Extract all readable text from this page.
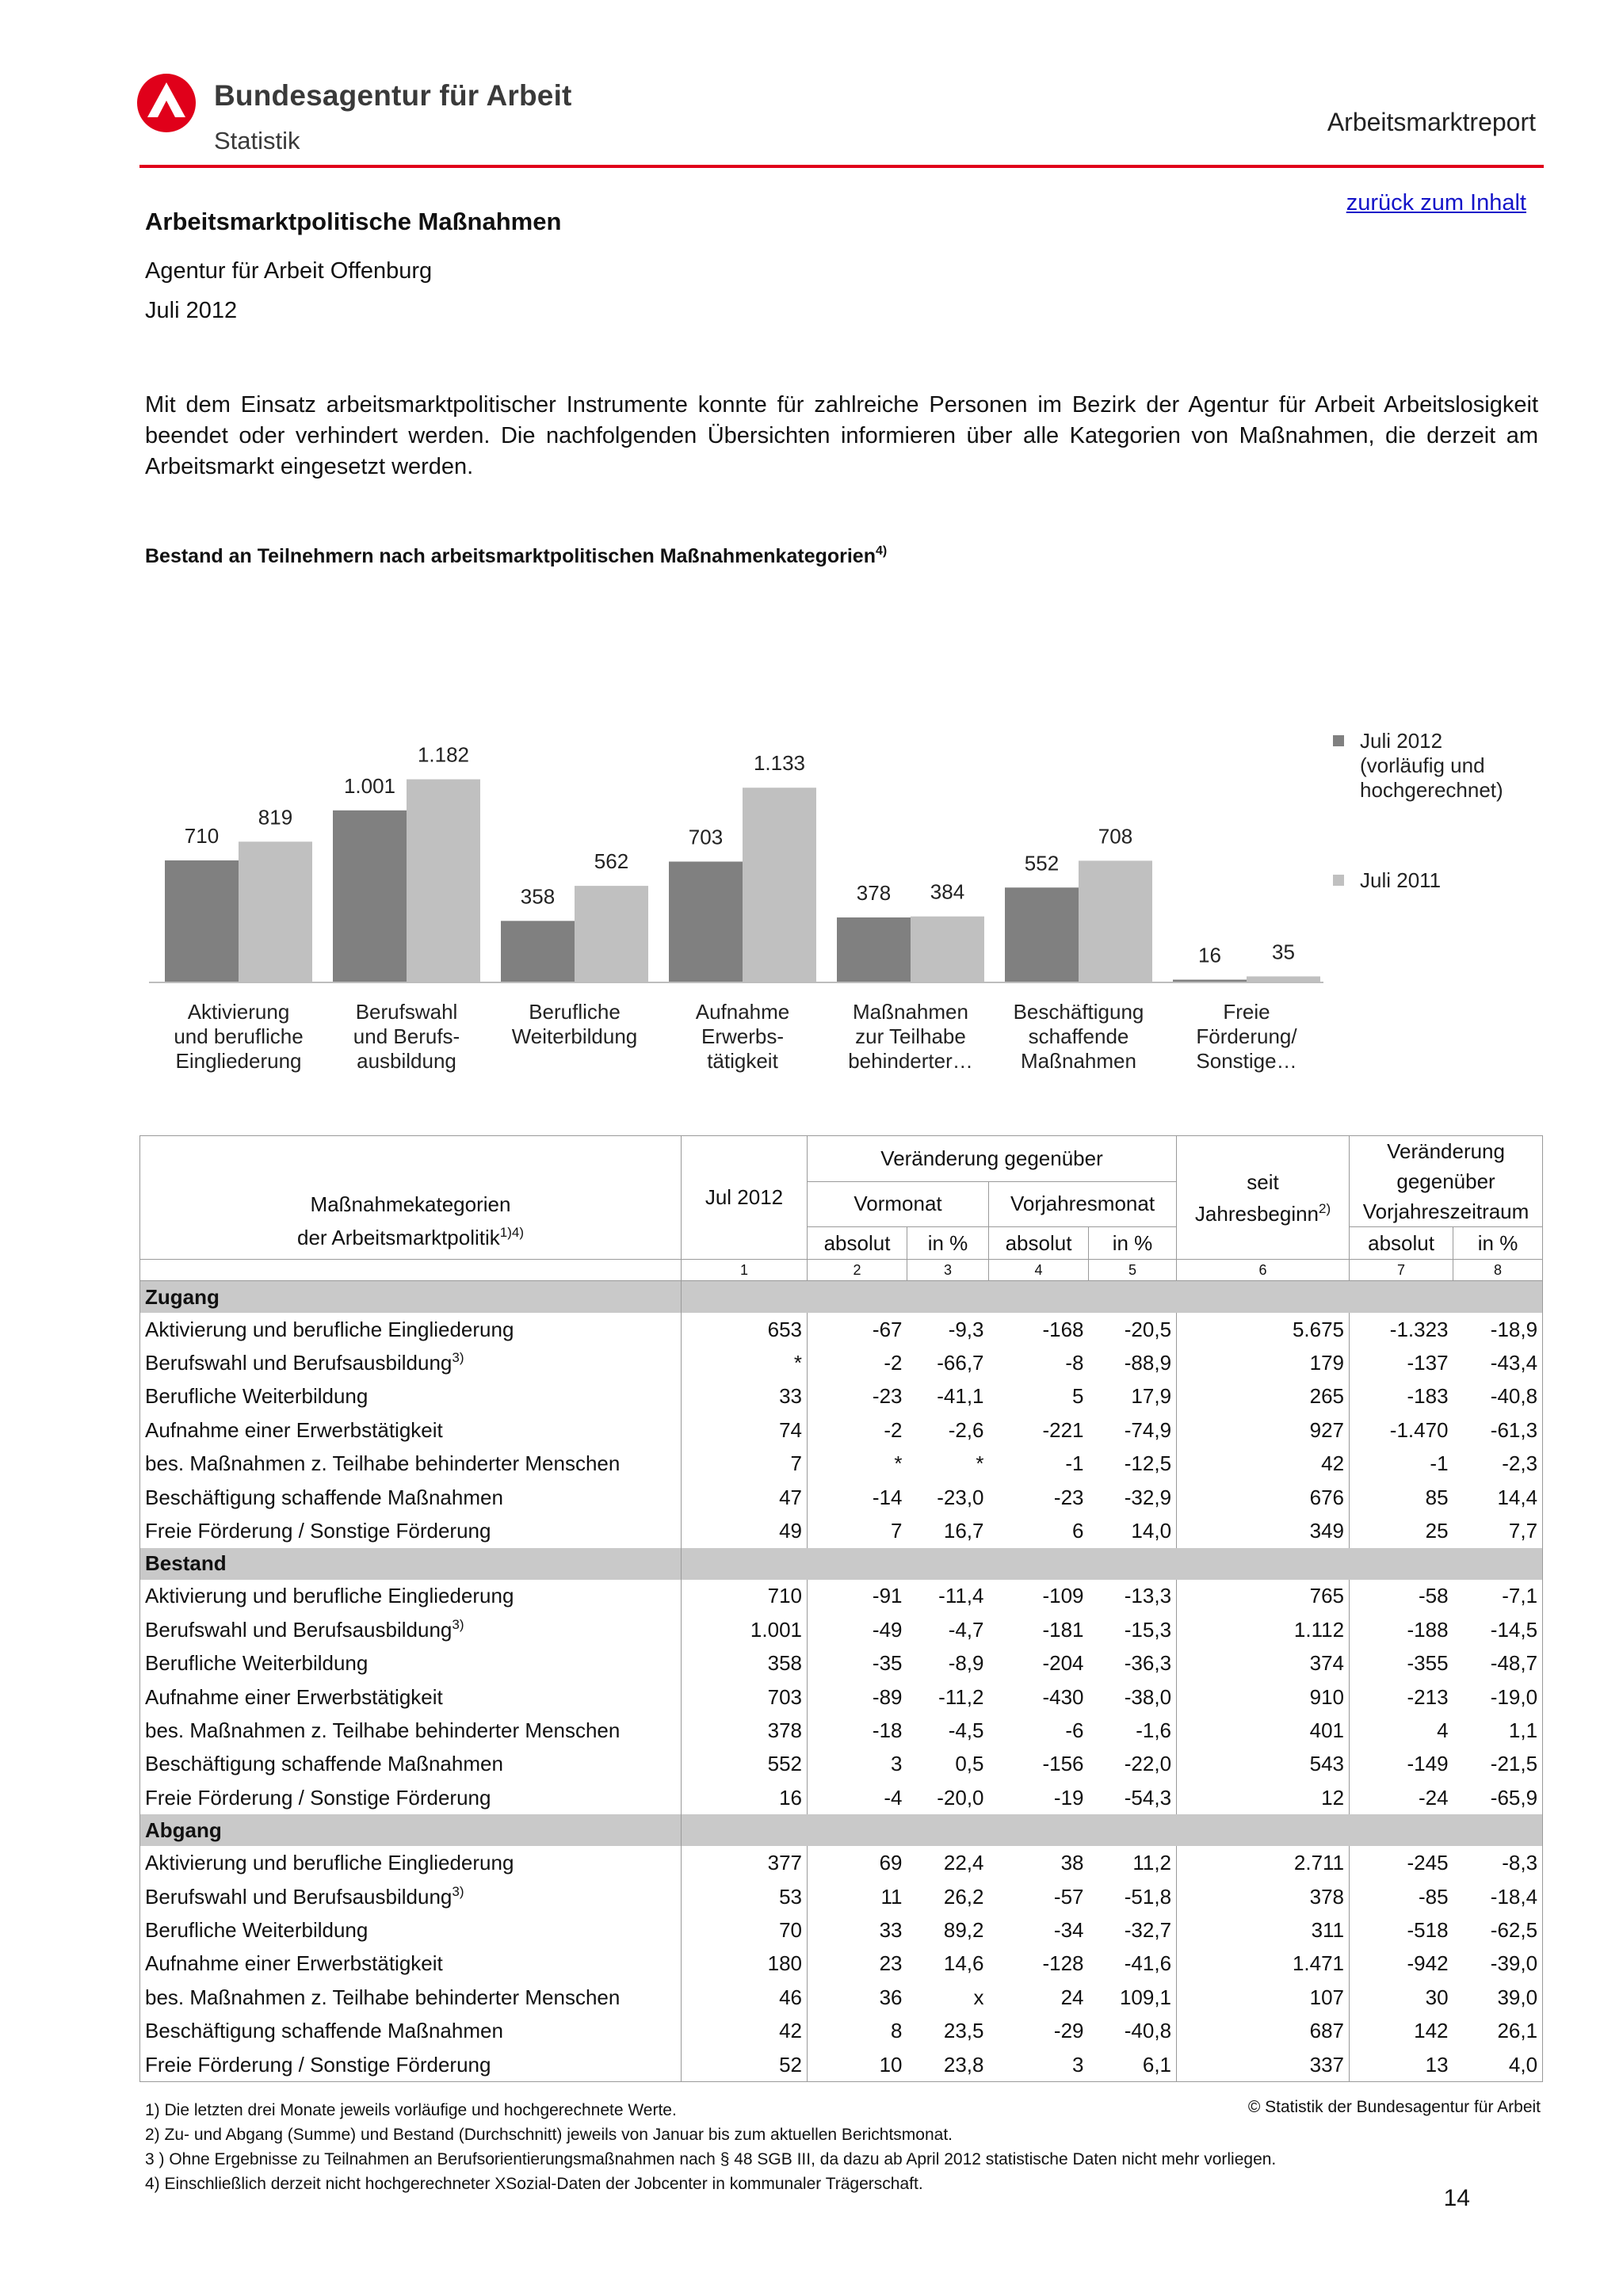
Bundesagentur für Arbeit
Statistik
Arbeitsmarktreport
zurück zum Inhalt
Arbeitsmarktpolitische Maßnahmen
Agentur für Arbeit Offenburg
Juli 2012
Mit dem Einsatz arbeitsmarktpolitischer Instrumente konnte für zahlreiche Personen im Bezirk der Agentur für Arbeit Arbeitslosigkeit beendet oder verhindert werden. Die nachfolgenden Übersichten informieren über alle Kategorien von Maßnahmen, die derzeit am Arbeitsmarkt eingesetzt werden.
Bestand an Teilnehmern nach arbeitsmarktpolitischen Maßnahmenkategorien$^{4)}$
710
819
Aktivierung
und berufliche
Eingliederung
1.001
1.182
Berufswahl
und Berufs-
ausbildung
358
562
Berufliche
Weiterbildung
703
1.133
Aufnahme
Erwerbs-
tätigkeit
378 384
Maßnahmen
zur Teilhabe
behinderter…
552
708
Beschäftigung
schaffende
Maßnahmen
16 35
Freie
Förderung/
Sonstige…
Juli 2012
(vorläufig und
hochgerechnet)
Juli 2011
Maßnahmekategorien
der Arbeitsmarktpolitik$^{1)4)}$	Jul 2012	Veränderung gegenüber				seit
Jahresbeginn$^{2)}$	Veränderung
gegenüber
Vorjahreszeitraum	
		Vormonat		Vorjahresmonat				
		absolut	in %	absolut	in %		absolut	in %
	1	2	3	4	5	6	7	8
Zugang								
Aktivierung und berufliche Eingliederung	653	-67	-9,3	-168	-20,5	5.675	-1.323	-18,9
Berufswahl und Berufsausbildung$^{3)}$	*	-2	-66,7	-8	-88,9	179	-137	-43,4
Berufliche Weiterbildung	33	-23	-41,1	5	17,9	265	-183	-40,8
Aufnahme einer Erwerbstätigkeit	74	-2	-2,6	-221	-74,9	927	-1.470	-61,3
bes. Maßnahmen z. Teilhabe behinderter Menschen	7	*	*	-1	-12,5	42	-1	-2,3
Beschäftigung schaffende Maßnahmen	47	-14	-23,0	-23	-32,9	676	85	14,4
Freie Förderung / Sonstige Förderung	49	7	16,7	6	14,0	349	25	7,7
Bestand								
Aktivierung und berufliche Eingliederung	710	-91	-11,4	-109	-13,3	765	-58	-7,1
Berufswahl und Berufsausbildung$^{3)}$	1.001	-49	-4,7	-181	-15,3	1.112	-188	-14,5
Berufliche Weiterbildung	358	-35	-8,9	-204	-36,3	374	-355	-48,7
Aufnahme einer Erwerbstätigkeit	703	-89	-11,2	-430	-38,0	910	-213	-19,0
bes. Maßnahmen z. Teilhabe behinderter Menschen	378	-18	-4,5	-6	-1,6	401	4	1,1
Beschäftigung schaffende Maßnahmen	552	3	0,5	-156	-22,0	543	-149	-21,5
Freie Förderung / Sonstige Förderung	16	-4	-20,0	-19	-54,3	12	-24	-65,9
Abgang								
Aktivierung und berufliche Eingliederung	377	69	22,4	38	11,2	2.711	-245	-8,3
Berufswahl und Berufsausbildung$^{3)}$	53	11	26,2	-57	-51,8	378	-85	-18,4
Berufliche Weiterbildung	70	33	89,2	-34	-32,7	311	-518	-62,5
Aufnahme einer Erwerbstätigkeit	180	23	14,6	-128	-41,6	1.471	-942	-39,0
bes. Maßnahmen z. Teilhabe behinderter Menschen	46	36	x	24	109,1	107	30	39,0
Beschäftigung schaffende Maßnahmen	42	8	23,5	-29	-40,8	687	142	26,1
Freie Förderung / Sonstige Förderung	52	10	23,8	3	6,1	337	13	4,0
1) Die letzten drei Monate jeweils vorläufige und hochgerechnete Werte.
2) Zu- und Abgang (Summe) und Bestand (Durchschnitt) jeweils von Januar bis zum aktuellen Berichtsmonat.
3 ) Ohne Ergebnisse zu Teilnahmen an Berufsorientierungsmaßnahmen nach § 48 SGB III, da dazu ab April 2012 statistische Daten nicht mehr vorliegen.
4) Einschließlich derzeit nicht hochgerechneter XSozial-Daten der Jobcenter in kommunaler Trägerschaft.
© Statistik der Bundesagentur für Arbeit
14
